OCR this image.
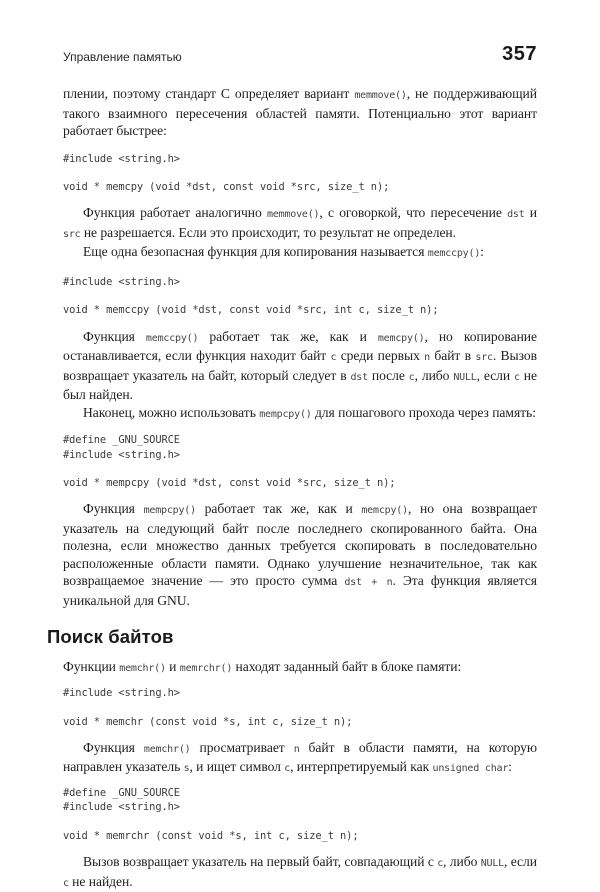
Управление памятью	357

плении, поэтому стандарт C определяет вариант memmove(), не поддерживающий такого взаимного пересечения областей памяти. Потенциально этот вариант работает быстрее:

#include <string.h>
void * memcpy (void *dst, const void *src, size_t n);

Функция работает аналогично memmove(), с оговоркой, что пересечение dst и src не разрешается. Если это происходит, то результат не определен.

Еще одна безопасная функция для копирования называется memccpy():

#include <string.h>
void * memccpy (void *dst, const void *src, int c, size_t n);

Функция memccpy() работает так же, как и memcpy(), но копирование останавливается, если функция находит байт c среди первых n байт в src. Вызов возвращает указатель на байт, который следует в dst после c, либо NULL, если c не был найден.

Наконец, можно использовать mempcpy() для пошагового прохода через память:

#define _GNU_SOURCE
#include <string.h>
void * mempcpy (void *dst, const void *src, size_t n);

Функция mempcpy() работает так же, как и memcpy(), но она возвращает указатель на следующий байт после последнего скопированного байта. Она полезна, если множество данных требуется скопировать в последовательно расположенные области памяти. Однако улучшение незначительное, так как возвращаемое значение — это просто сумма dst + n. Эта функция является уникальной для GNU.

Поиск байтов

Функции memchr() и memrchr() находят заданный байт в блоке памяти:

#include <string.h>
void * memchr (const void *s, int c, size_t n);

Функция memchr() просматривает n байт в области памяти, на которую направлен указатель s, и ищет символ c, интерпретируемый как unsigned char:

#define _GNU_SOURCE
#include <string.h>
void * memrchr (const void *s, int c, size_t n);

Вызов возвращает указатель на первый байт, совпадающий с c, либо NULL, если c не найден.
